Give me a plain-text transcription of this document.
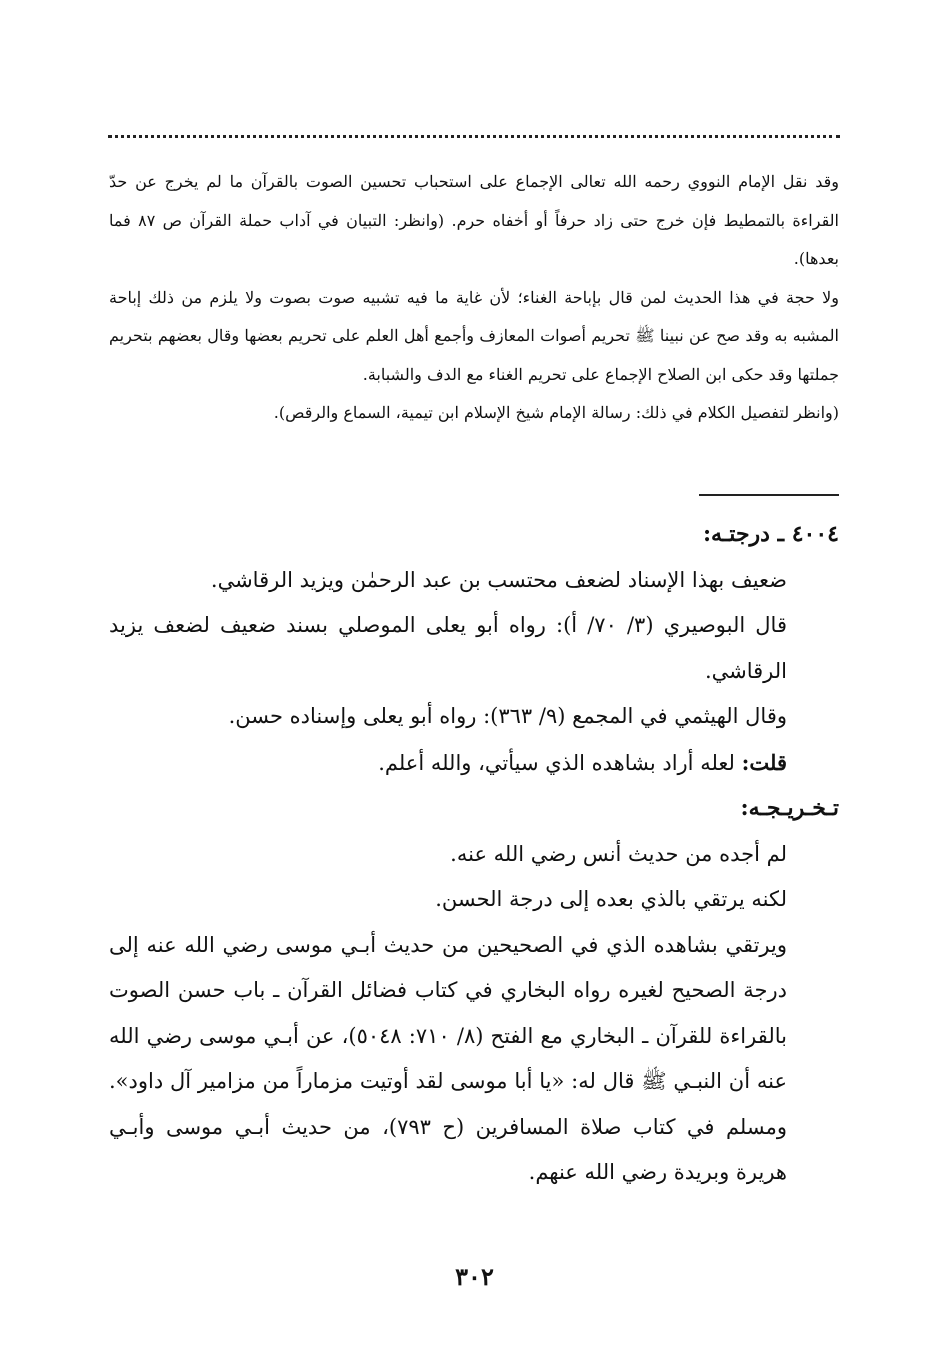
وقد نقل الإمام النووي رحمه الله تعالى الإجماع على استحباب تحسين الصوت بالقرآن ما لم يخرج عن حدّ القراءة بالتمطيط فإن خرج حتى زاد حرفاً أو أخفاه حرم. (وانظر: التبيان في آداب حملة القرآن ص ٨٧ فما بعدها).

ولا حجة في هذا الحديث لمن قال بإباحة الغناء؛ لأن غاية ما فيه تشبيه صوت بصوت ولا يلزم من ذلك إباحة المشبه به وقد صح عن نبينا ﷺ تحريم أصوات المعازف وأجمع أهل العلم على تحريم بعضها وقال بعضهم بتحريم جملتها وقد حكى ابن الصلاح الإجماع على تحريم الغناء مع الدف والشبابة.

(وانظر لتفصيل الكلام في ذلك: رسالة الإمام شيخ الإسلام ابن تيمية، السماع والرقص).

٤٠٠٤ ـ درجتـه:

ضعيف بهذا الإسناد لضعف محتسب بن عبد الرحمٰن ويزيد الرقاشي.

قال البوصيري (٣/ ٧٠/ أ): رواه أبو يعلى الموصلي بسند ضعيف لضعف يزيد الرقاشي.

وقال الهيثمي في المجمع (٩/ ٣٦٣): رواه أبو يعلى وإسناده حسن.

قلت: لعله أراد بشاهده الذي سيأتي، والله أعلم.

تـخـريـجـه:

لم أجده من حديث أنس رضي الله عنه.

لكنه يرتقي بالذي بعده إلى درجة الحسن.

ويرتقي بشاهده الذي في الصحيحين من حديث أبـي موسى رضي الله عنه إلى درجة الصحيح لغيره رواه البخاري في كتاب فضائل القرآن ـ باب حسن الصوت بالقراءة للقرآن ـ البخاري مع الفتح (٨/ ٧١٠: ٥٠٤٨)، عن أبـي موسى رضي الله عنه أن النبـي ﷺ قال له: «يا أبا موسى لقد أوتيت مزماراً من مزامير آل داود». ومسلم في كتاب صلاة المسافرين (ح ٧٩٣)، من حديث أبـي موسى وأبـي هريرة وبريدة رضي الله عنهم.

٣٠٢
